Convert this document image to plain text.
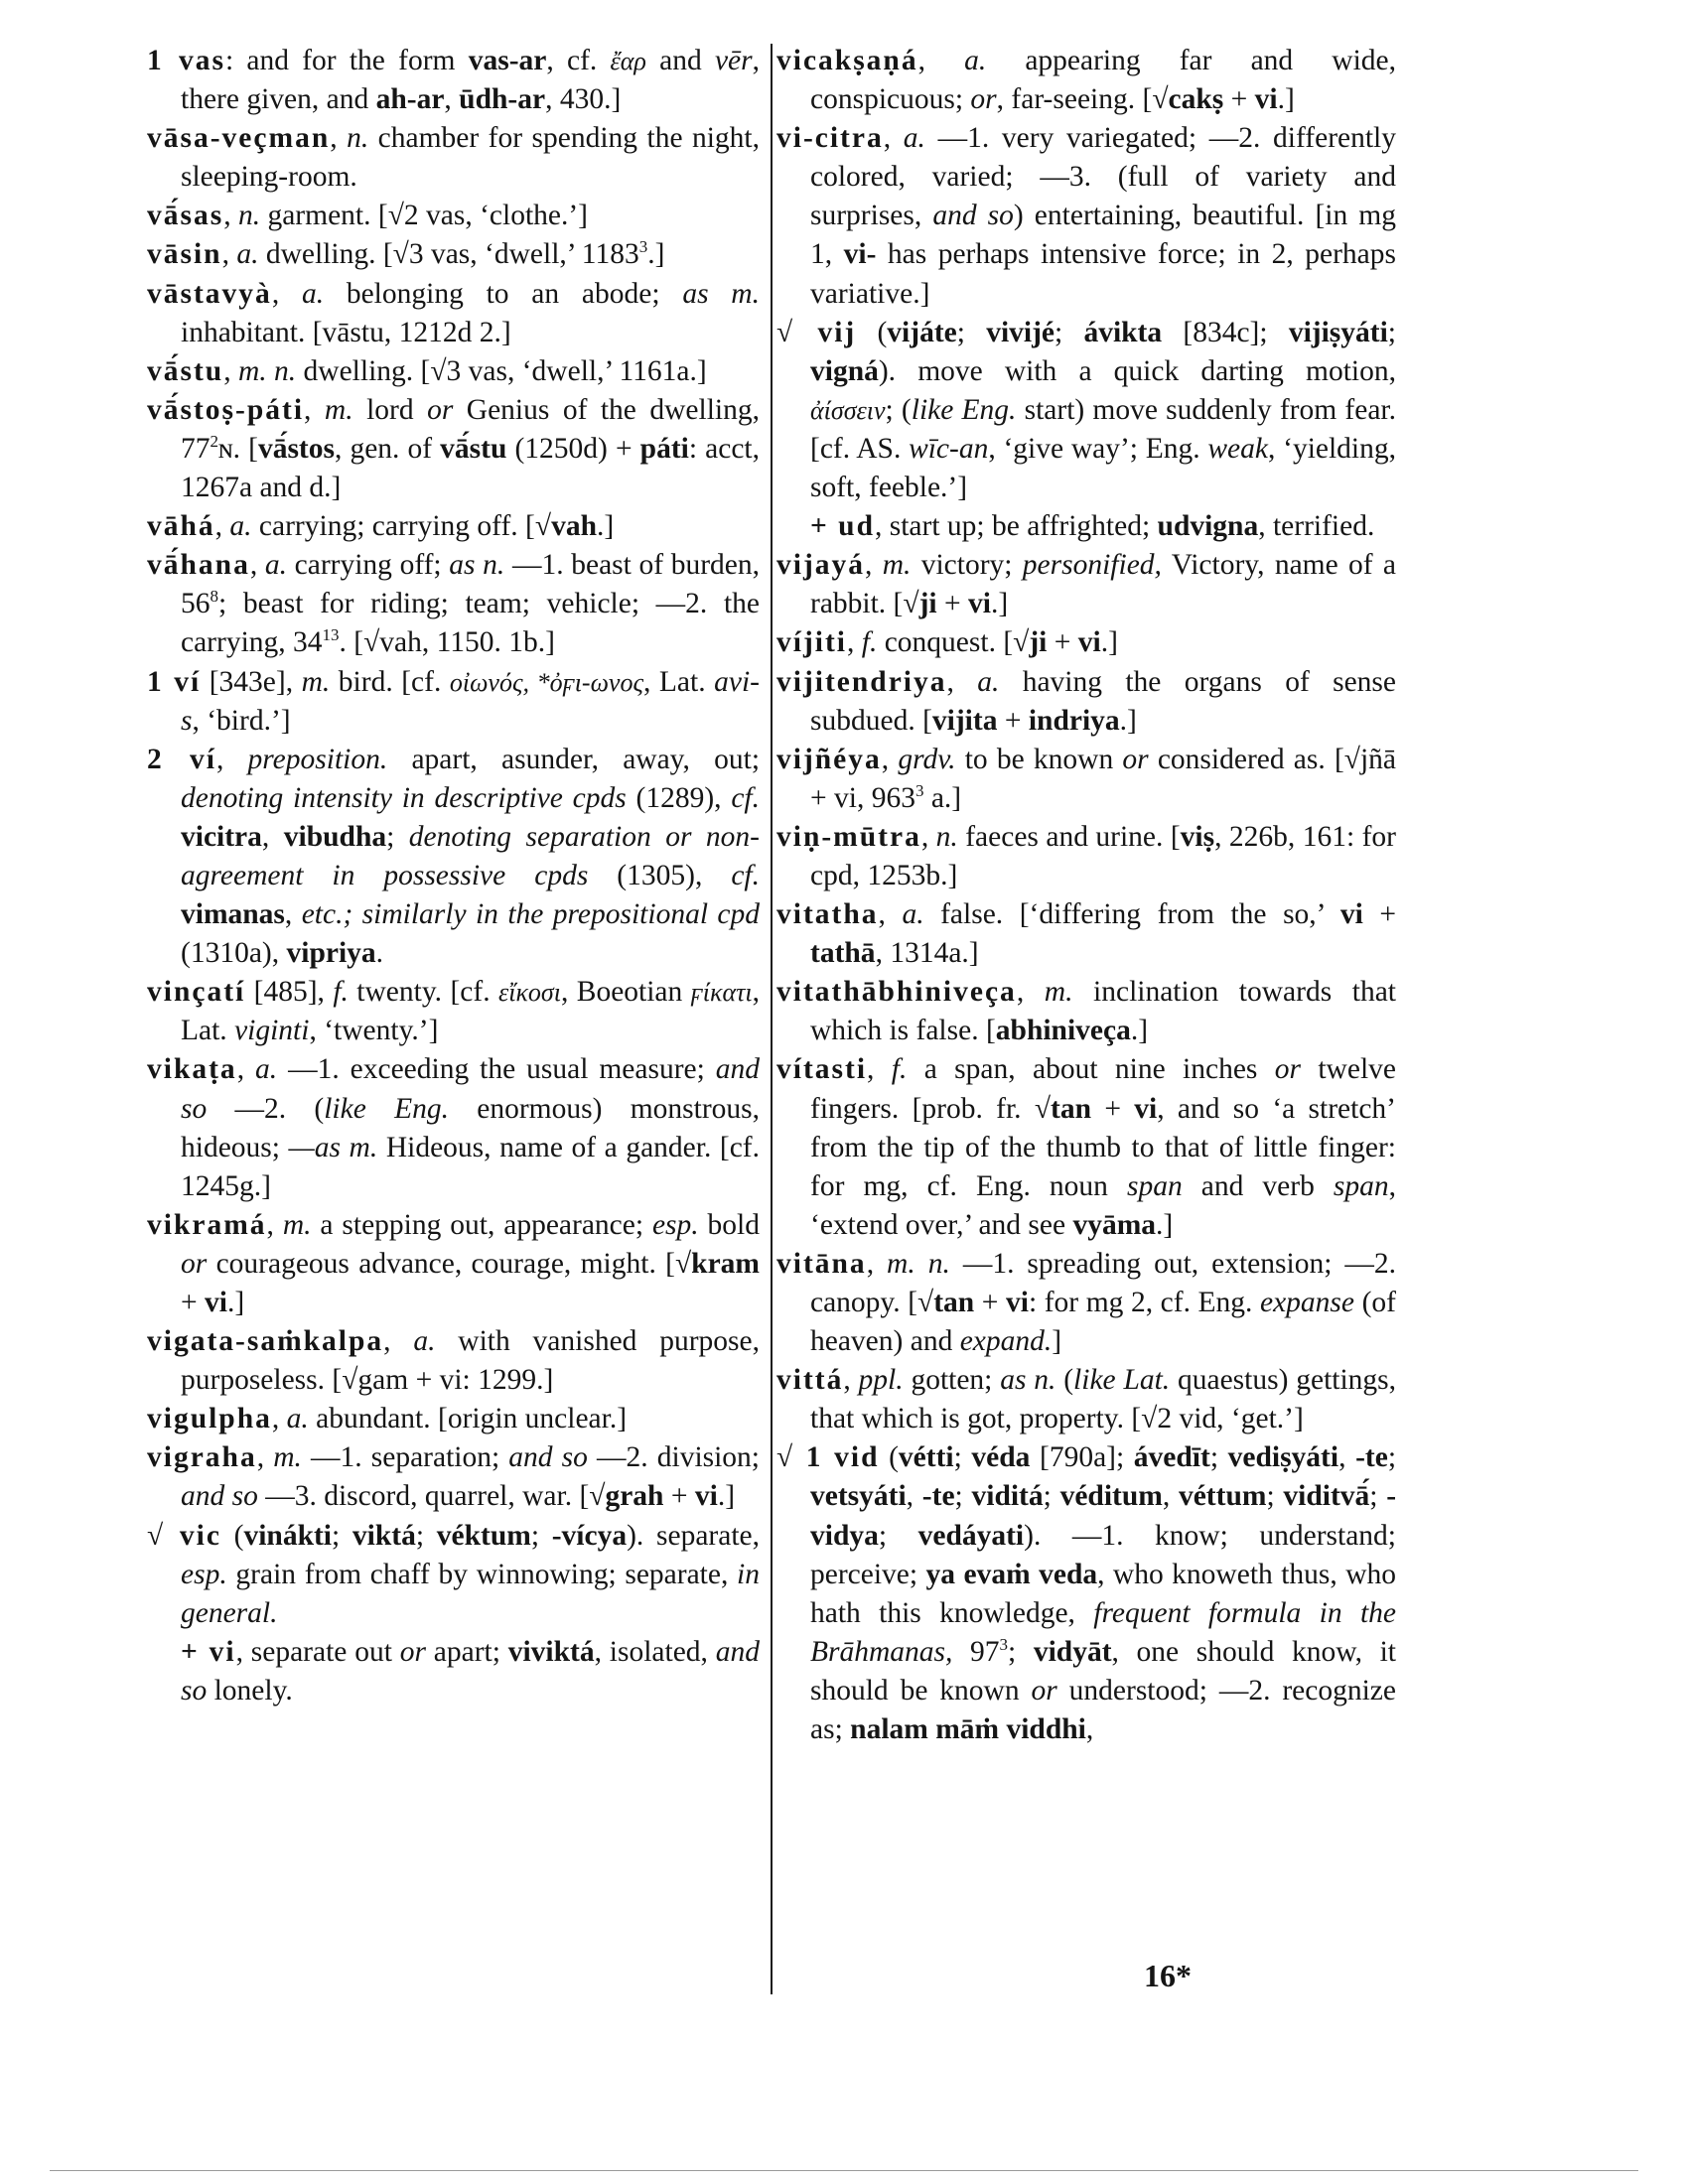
1 vas: and for the form vas-ar, cf. ἔαρ and vēr, there given, and ah-ar, ūdh-ar, 430.]

vāsa-veçman, n. chamber for spending the night, sleeping-room.

vā́sas, n. garment. [√2 vas, ‘clothe.’]

vāsin, a. dwelling. [√3 vas, ‘dwell,’ 1183$^3$.]

vāstavyà, a. belonging to an abode; as m. inhabitant. [vāstu, 1212d 2.]

vā́stu, m. n. dwelling. [√3 vas, ‘dwell,’ 1161a.]

vā́stoṣ-páti, m. lord or Genius of the dwelling, $77^2ɴ$. [vā́stos, gen. of vā́stu (1250d) + páti: acct, 1267a and d.]

vāhá, a. carrying; carrying off. [√vah.]

vā́hana, a. carrying off; as n. —1. beast of burden, $56^8$; beast for riding; team; vehicle; —2. the carrying, $34^{13}$. [√vah, 1150. 1b.]

1 ví [343e], m. bird. [cf. οἰωνός, *ὀϝι-ωνος, Lat. avi-s, ‘bird.’]

2 ví, preposition. apart, asunder, away, out; denoting intensity in descriptive cpds (1289), cf. vicitra, vibudha; denoting separation or non-agreement in possessive cpds (1305), cf. vimanas, etc.; similarly in the prepositional cpd (1310a), vipriya.

vinçatí [485], f. twenty. [cf. εἴκοσι, Boeotian ϝίκατι, Lat. viginti, ‘twenty.’]

vikaṭa, a. —1. exceeding the usual measure; and so —2. (like Eng. enormous) monstrous, hideous; —as m. Hideous, name of a gander. [cf. 1245g.]

vikramá, m. a stepping out, appearance; esp. bold or courageous advance, courage, might. [√kram + vi.]

vigata-saṁkalpa, a. with vanished purpose, purposeless. [√gam + vi: 1299.]

vigulpha, a. abundant. [origin unclear.]

vigraha, m. —1. separation; and so —2. division; and so —3. discord, quarrel, war. [√grah + vi.]

√ vic (vinákti; viktá; véktum; -vícya). separate, esp. grain from chaff by winnowing; separate, in general.

+ vi, separate out or apart; viviktá, isolated, and so lonely.

vicakṣaṇá, a. appearing far and wide, conspicuous; or, far-seeing. [√cakṣ + vi.]

vi-citra, a. —1. very variegated; —2. differently colored, varied; —3. (full of variety and surprises, and so) entertaining, beautiful. [in mg 1, vi- has perhaps intensive force; in 2, perhaps variative.]

√ vij (vijáte; vivijé; ávikta [834c]; vijiṣyáti; vigná). move with a quick darting motion, ἀίσσειν; (like Eng. start) move suddenly from fear. [cf. AS. wīc-an, ‘give way’; Eng. weak, ‘yielding, soft, feeble.’]

+ ud, start up; be affrighted; udvigna, terrified.

vijayá, m. victory; personified, Victory, name of a rabbit. [√ji + vi.]

víjiti, f. conquest. [√ji + vi.]

vijitendriya, a. having the organs of sense subdued. [vijita + indriya.]

vijñéya, grdv. to be known or considered as. [√jñā + vi, $963^3$ a.]

viṇ-mūtra, n. faeces and urine. [viṣ, 226b, 161: for cpd, 1253b.]

vitatha, a. false. [‘differing from the so,’ vi + tathā, 1314a.]

vitathābhiniveça, m. inclination towards that which is false. [abhiniveça.]

vítasti, f. a span, about nine inches or twelve fingers. [prob. fr. √tan + vi, and so ‘a stretch’ from the tip of the thumb to that of little finger: for mg, cf. Eng. noun span and verb span, ‘extend over,’ and see vyāma.]

vitāna, m. n. —1. spreading out, extension; —2. canopy. [√tan + vi: for mg 2, cf. Eng. expanse (of heaven) and expand.]

vittá, ppl. gotten; as n. (like Lat. quaestus) gettings, that which is got, property. [√2 vid, ‘get.’]

√ 1 vid (vétti; véda [790a]; ávedīt; vediṣyáti, -te; vetsyáti, -te; viditá; véditum, véttum; viditvā́; -vidya; vedáyati). —1. know; understand; perceive; ya evaṁ veda, who knoweth thus, who hath this knowledge, frequent formula in the Brāhmanas, $97^3$; vidyāt, one should know, it should be known or understood; —2. recognize as; nalam māṁ viddhi,

16*
